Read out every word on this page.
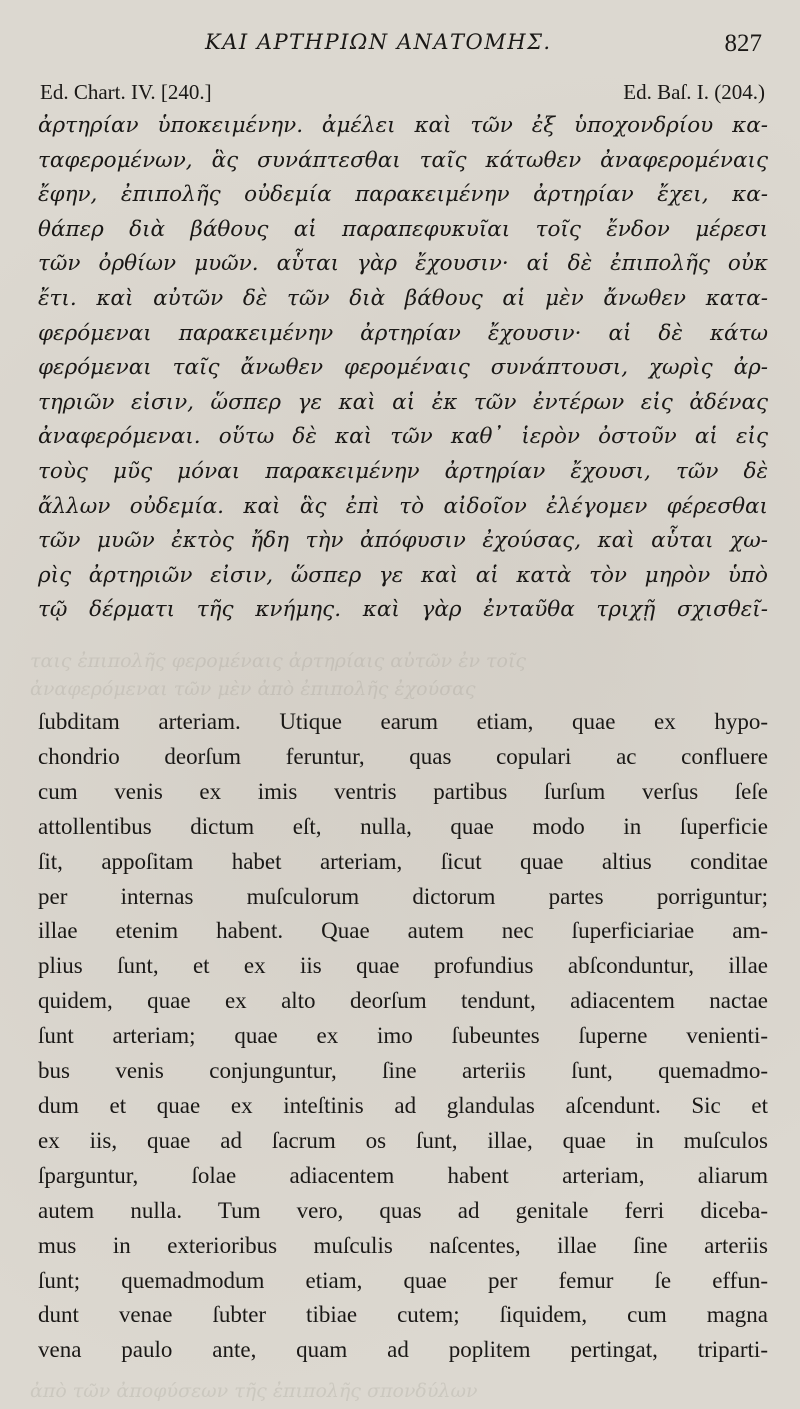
ταις ἐπιπολῆς φερομέναις ἀρτηρίαις αὐτῶν ἐν τοῖς
ἀναφερόμεναι τῶν μὲν ἀπὸ ἐπιπολῆς ἐχούσας
ἀπὸ τῶν ἀποφύσεων τῆς ἐπιπολῆς σπονδύλων
ΚΑΙ ΑΡΤΗΡΙΩΝ ΑΝΑΤΟΜΗΣ.	827
Ed. Chart. IV. [240.]	Ed. Baſ. I. (204.)
ἀρτηρίαν ὑποκειμένην. ἀμέλει καὶ τῶν ἐξ ὑποχονδρίου κα-
ταφερομένων, ἃς συνάπτεσθαι ταῖς κάτωθεν ἀναφερομέναις
ἔφην, ἐπιπολῆς οὐδεμία παρακειμένην ἀρτηρίαν ἔχει, κα-
θάπερ διὰ βάθους αἱ παραπεφυκυῖαι τοῖς ἔνδον μέρεσι
τῶν ὀρθίων μυῶν. αὗται γὰρ ἔχουσιν· αἱ δὲ ἐπιπολῆς οὐκ
ἔτι. καὶ αὐτῶν δὲ τῶν διὰ βάθους αἱ μὲν ἄνωθεν κατα-
φερόμεναι παρακειμένην ἀρτηρίαν ἔχουσιν· αἱ δὲ κάτω
φερόμεναι ταῖς ἄνωθεν φερομέναις συνάπτουσι, χωρὶς ἀρ-
τηριῶν εἰσιν, ὥσπερ γε καὶ αἱ ἐκ τῶν ἐντέρων εἰς ἀδένας
ἀναφερόμεναι. οὕτω δὲ καὶ τῶν καθ᾽ ἱερὸν ὀστοῦν αἱ εἰς
τοὺς μῦς μόναι παρακειμένην ἀρτηρίαν ἔχουσι, τῶν δὲ
ἄλλων οὐδεμία. καὶ ἃς ἐπὶ τὸ αἰδοῖον ἐλέγομεν φέρεσθαι
τῶν μυῶν ἐκτὸς ἤδη τὴν ἀπόφυσιν ἐχούσας, καὶ αὗται χω-
ρὶς ἀρτηριῶν εἰσιν, ὥσπερ γε καὶ αἱ κατὰ τὸν μηρὸν ὑπὸ
τῷ δέρματι τῆς κνήμης. καὶ γὰρ ἐνταῦθα τριχῇ σχισθεῖ-
ſubditam arteriam. Utique earum etiam, quae ex hypo-
chondrio deorſum feruntur, quas copulari ac confluere
cum venis ex imis ventris partibus ſurſum verſus ſeſe
attollentibus dictum eſt, nulla, quae modo in ſuperficie
ſit, appoſitam habet arteriam, ſicut quae altius conditae
per internas muſculorum dictorum partes porriguntur;
illae etenim habent. Quae autem nec ſuperficiariae am-
plius ſunt, et ex iis quae profundius abſconduntur, illae
quidem, quae ex alto deorſum tendunt, adiacentem nactae
ſunt arteriam; quae ex imo ſubeuntes ſuperne venienti-
bus venis conjunguntur, ſine arteriis ſunt, quemadmo-
dum et quae ex inteſtinis ad glandulas aſcendunt. Sic et
ex iis, quae ad ſacrum os ſunt, illae, quae in muſculos
ſparguntur, ſolae adiacentem habent arteriam, aliarum
autem nulla. Tum vero, quas ad genitale ferri diceba-
mus in exterioribus muſculis naſcentes, illae ſine arteriis
ſunt; quemadmodum etiam, quae per femur ſe effun-
dunt venae ſubter tibiae cutem; ſiquidem, cum magna
vena paulo ante, quam ad poplitem pertingat, triparti-
